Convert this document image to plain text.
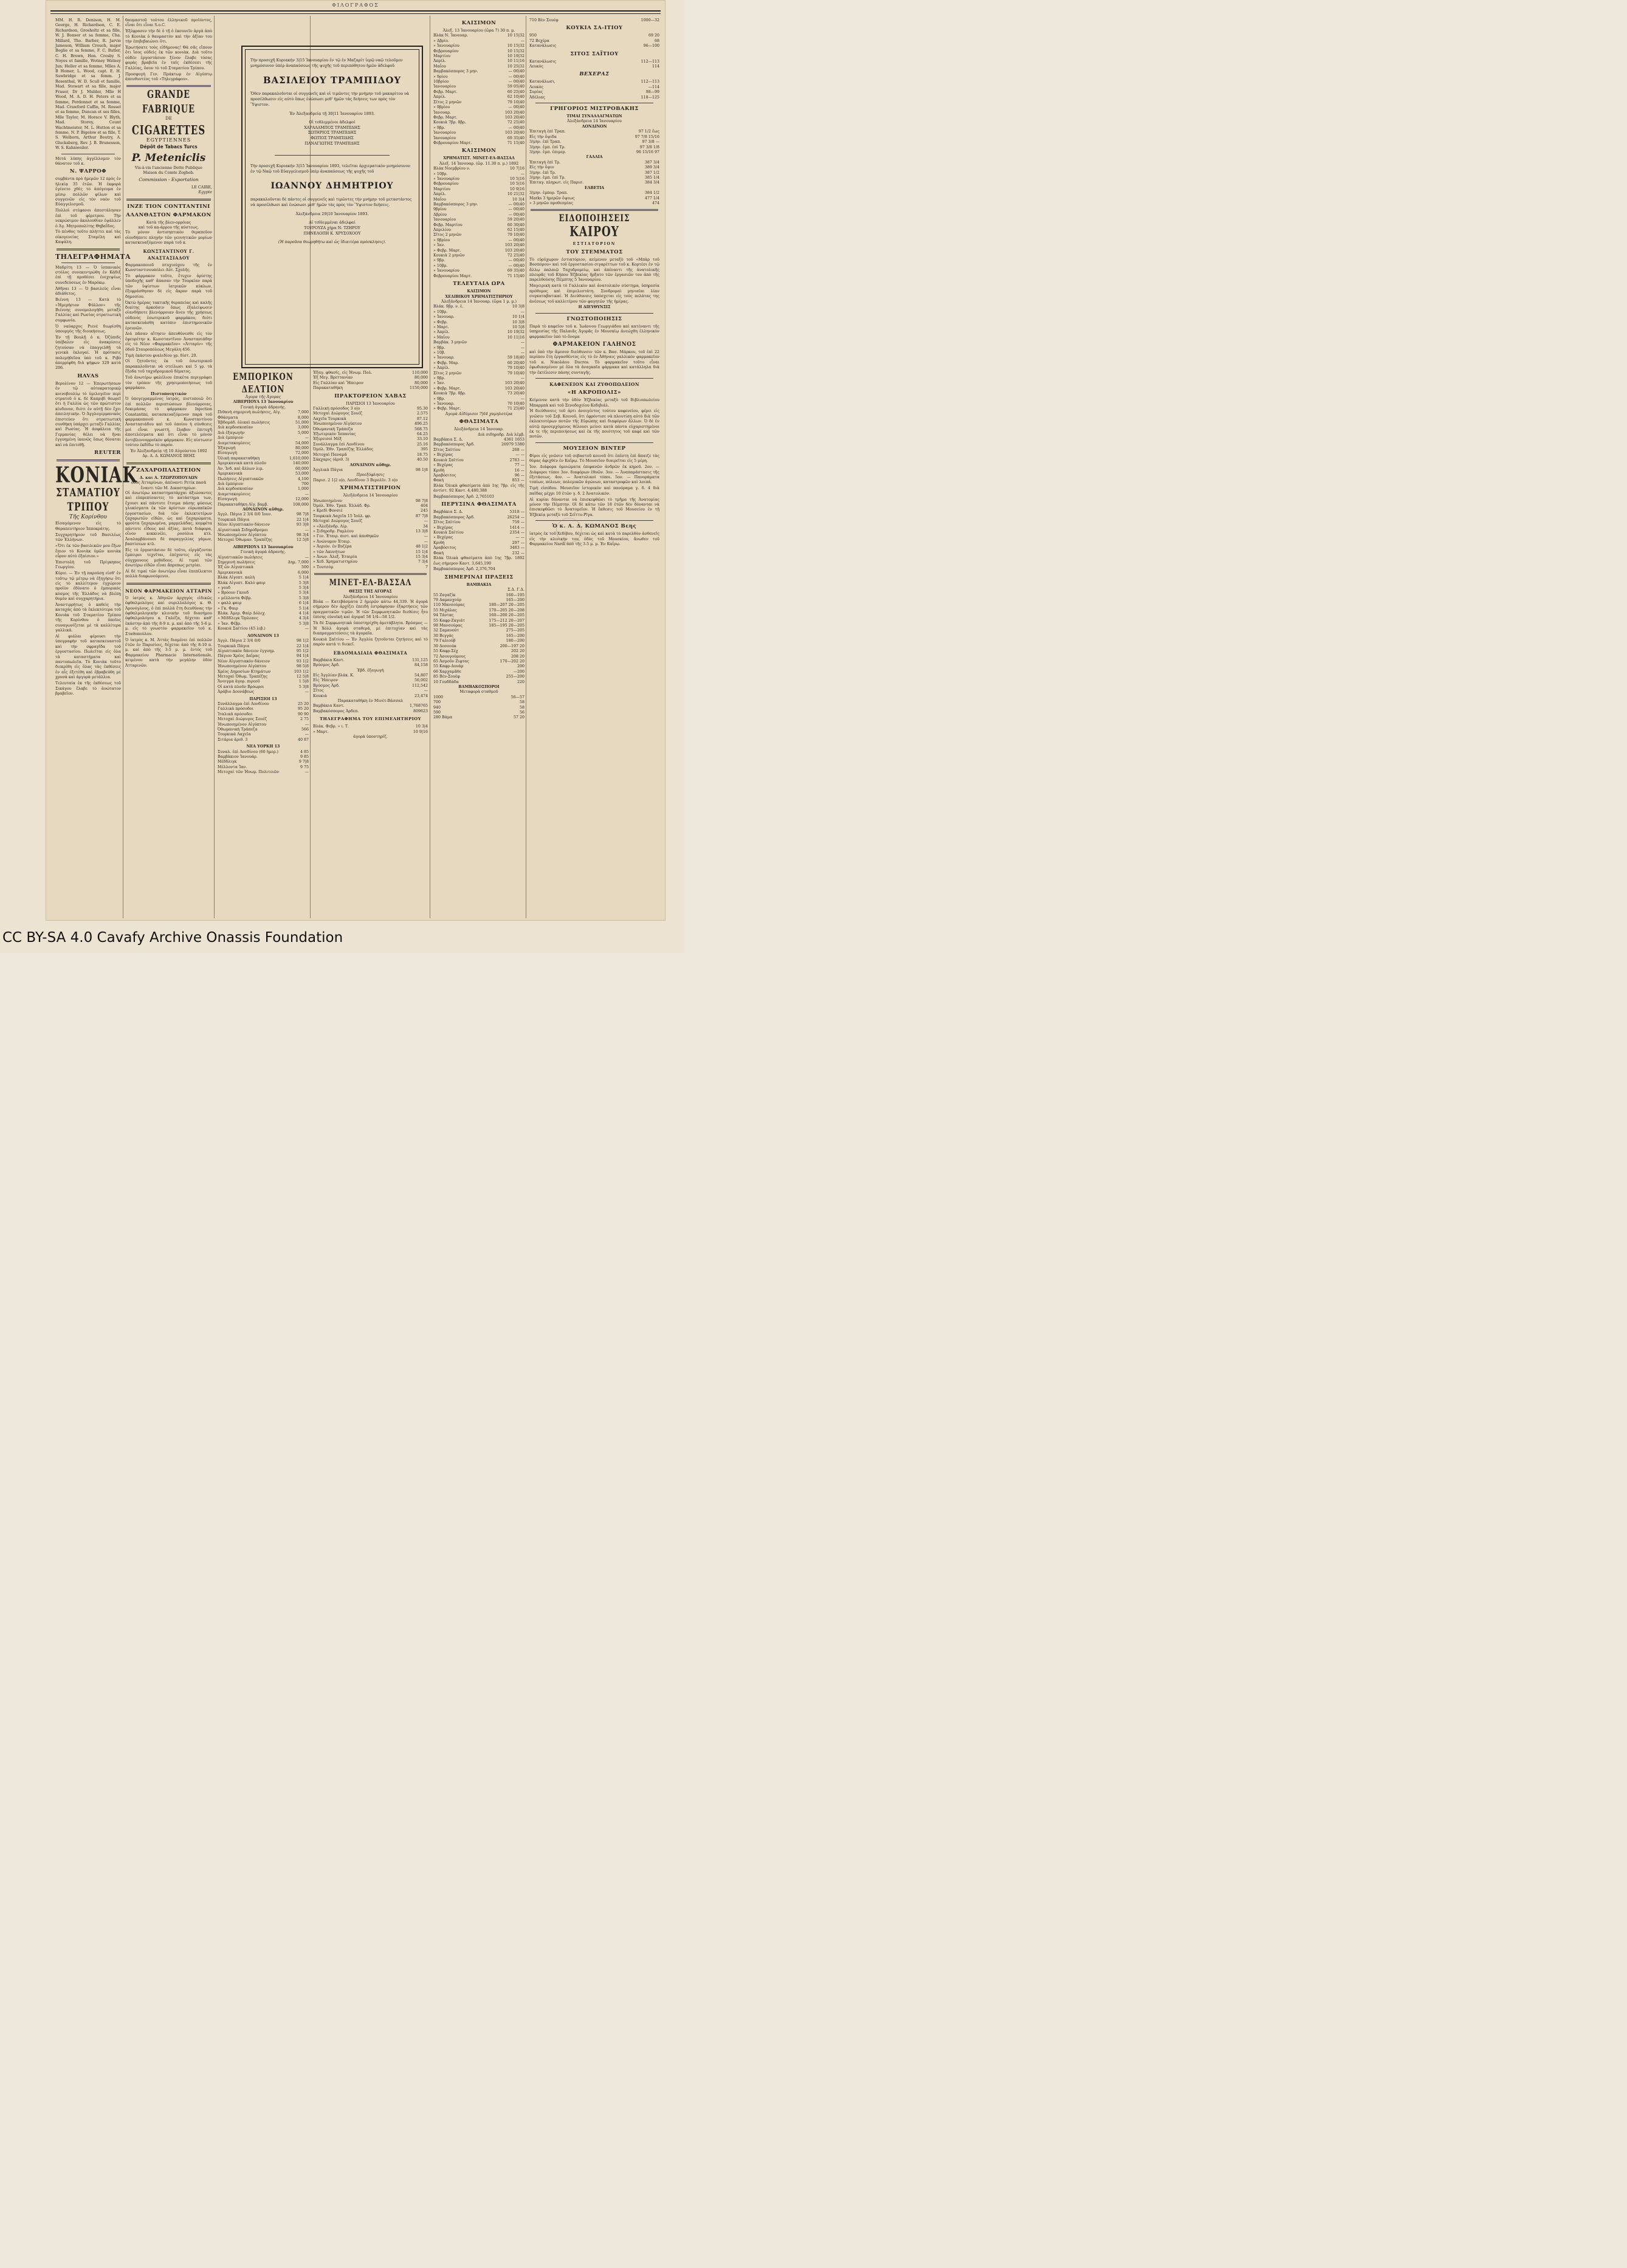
ΦΙΛΟΓΡΑΦΟΣ

MM. H. R. Denison, H. M. George, H. Richardson, C. E. Richardson, Grosholtz et sa fille, W. J. Bonsor et sa femme, Cha. Millard, Tho. Barber, R. Jarvie Jameson, William Crouch, major Boglie et sa femme, F. C. Butler, C. H. Brown, Hon. Crosby S. Noyes et famille, Wotney Watney Jun; Heller et sa femme, Mlles A. B Homer, L. Wood, capt. E. H. Sawbridge et sa femm. J. Rosenthal, W. D. Scull et famille, Mad. Stewart et sa fille, major Fraser, Dr J. Mulder, Mlle H Wood, M. A. D. H. Peters et sa femme, Perdonnet et sa femme, Mad. Crawford Caffin, M. Rosset et sa femme, Duncan et ses filles, Mlle Taylor, M. Horace V. Blyth, Mad. Storey, Count Wachtmeister, M. L. Hutton et sa femme, N. P. Bigelow et sa fille, T. S. Welborn, Arthur Boutry, A. Glucksberg, Rev. J. B. Brunesson, W. S. Kahnweiler.

Μετά λύπης ἀγγέλλομεν τὸν θάνατον τοῦ κ.

Ν. ΨΑΡΡΟΦ

συμβάντα πρὸ ἡμερῶν 12 πρὸς ἐν ἡλικίᾳ 35 ἐτῶν. Ἡ ἐκφορὰ ἐγένετο χθὲς τὸ ἀπόγευμα ἐν μέσῳ πολλῶν φίλων καὶ συγγενῶν εἰς τὸν ναὸν τοῦ Εὐαγγελισμοῦ.

Πολλοὶ στέφανοι ἀπεστάλησαν ἐπὶ τοῦ φέρετρου. Τὴν νεκρώσιμον ἀκολουθίαν ἐψάλλεν ὁ Ἁγ. Μητροπολίτης Θηβαΐδος.

Τὸ πένθος τοῦτο πλήττει καὶ τὰς οἰκογενείας Σταμέλη καὶ Καψάλη.

ΤΗΛΕΓΡΑΦΗΜΑΤΑ

Μαδρίτη 13 — Ὁ ἱσπανικὸς στόλος συνεκεντρώθη ἐν Κάδιξ ἐπὶ τῇ προθέσει ἐνεχεψέως συνεδεύσεως ἐν Μαρόκῳ.

Ἀθῆναι 13 — Ὁ βασιλεὺς εἶναι ἀδιάθετος.

Βιέννη 13 — Κατὰ τὸ «Ἡμερήσιον Φύλλον» τῆς Βιέννης συνομολογήθη μεταξὺ Γαλλίας καὶ Ρωσίας στρατιωτικὴ συμφωνία.

Ὁ ναύαρχος Ριενὲ διωρίσθη ὑπουργὸς τῆς διοικήσεως.

Ἐν τῇ Βουλῇ ὁ κ. Ὀζύπιδς ὑπέβαλεν εἰς ἀνακρίσεις ζητούσαν νὰ ἐπαγγελθῇ τὰ γενικὰ ἐκλογαί. Ἡ πρότασις πολεμήθεῖσα ὑπὸ τοῦ κ. Ριβὸ ἀπερρίφθη διὰ ψήφων 329 κατὰ 206.

HAVAS

Βερολίνον 12 — Ἐπερωτήσεων ἐν τῷ αὐτοκρατορικῷ κοινοβουλίῳ τὸ ὑμιλογεῖον περὶ στρατοῦ ὁ κ. δὲ Καπριβὶ θεωρεῖ ὅτι ἡ Γαλλία ὡς τῶν πρώτιστον κίνδυνον, διότι ἐν αὐτῇ δὲν ἔχει ἀπειλητικήν. Ὁ Ἀγγλογερμανικὸς ἐπιστεύεν ὅτι στρατιωτικὴ συνθήκη ὑπάρχει μεταξὺ Γαλλίας καὶ Ρωσίας. Ἡ ἀσφάλεια τῆς Γερμανίας θέλει νὰ ἤναι ἐγγυημένη ἱκανῶς ὅπως δύναται καὶ νὰ ἐπιτεθῇ.

REUTER
ΚΟΝΙΑΚ
ΣΤΑΜΑΤΙΟΥ ΤΡΙΠΟΥ
Τῆς Κορίνθου

Εἰσαγόμενον εἰς τὸ Θεραπευτήριον Ἰπποκράτης.

Συγχαρητήριον τοῦ Βασιλέως τῶν Ἑλλήνων.

«Ὅτι ἐκ τῶν βασιλικῶν μου ἔξων ἔπιον τὸ Κονιὰκ ὑμῶν κονιὰκ εὗρον αὐτὸ ἐξαίσιον.»

Ἐπιστολὴ τοῦ Πρίγκηπος Γεωργίου.

Κύριε. — Ἐν τῇ παρούσῃ εἰσθ' ἐν τοῦτῳ τῷ μέτρῳ νὰ ἐξηγήσω ὅτι εἰς τὸ καλλίτερον ἐγχώριον προϊὸν ἐδύνατο ὁ ἐμπορικὸς κόσμος τῆς Ἑλλάδος νὰ βλέπῃ θυμὸν καὶ συγχαρητήρια.

Ἀναντιρρήτως ὁ καθεὶς τὴν καταχάς ἀπὸ τὰ ἐκλεκτότερα τοῦ Κονιάκ τοῦ Σταματίου Τρίπου τῆς Κορίνθου ὁ ὁποῖος συναγωνίζεται μὲ τὰ καλλίτερα γαλλικά.

Αἱ φιάλαι φέρουσι τὴν ὑπογραφὴν τοῦ κατασκευαστοῦ καὶ τὴν σφραγῖδα τοῦ ἐργοστασίου. Πωλεῖται εἰς ὅλα τὰ καταστήματα καὶ παντοπωλεῖα. Τὸ Κονιὰκ τοῦτο διεκρίθη εἰς ὅλας τὰς ἐκθέσεις ἐν αἷς ἐξετέθη καὶ ἐβραβεύθη μὲ χρυσὰ καὶ ἀργυρὰ μετάλλια.

Τελευταία ἐκ τῆς ἐκθέσεως τοῦ Σικάγου ἔλαβε τὸ ἀνώτατον βραβεῖον.

θαυμαστοῦ τούτου ἑλληνικοῦ προϊόντος, εἶναι ὅτι εἶναι S.o.C.

Ἐξέφρασεν τὴν δὲ ὁ τῇ ὁ ἐκσυνεῖν ἀργὰ ἀπὸ τὸ Κονιὰκ ὁ θαυμαστὸν καὶ τὴν ἀξίαν του τὴν ἐπιβεβαιώνει ὅτι.

Ἐρωτήσατε τοὺς εἰδήμονας! Θὰ σᾶς εἴπουν ὅτι ἴσος οὐδεὶς ἐκ τῶν κονιὰκ. Διὰ τοῦτο οὐδὲν ἐργοστάσιον ξένον ἔλαβε τόσας φορὰς βραβεῖα ἐν ταῖς ἐκθέσεσι τῆς Γαλλίας, ὅσον τὸ τοῦ Σταματίου Τρίπου.

Προσφυγὴ Γεν. Πράκτωρ ἐν Αἰγύπτῳ ἀπευθυντέος τοῦ «Τηλεγράφου».

GRANDE FABRIQUE
DE
CIGARETTES
EGYPTIENNES
Dépôt de Tabacs Turcs
P. Meteniclis
Vis-à-vis l'ancienne Dette Publique
Maison du Comte Zogheb.
Commission - Exportation
LE CAIRE,
Egypte
ΙΝΖΕ ΤΙΟΝ CONTTANTINI
ΑΛΑΝΘΑΣΤΟΝ ΦΑΡΜΑΚΟΝ
Κατὰ τῆς βλεν-ορρόιας
καὶ τοῦ κα-άρρου τῆς κύστεως.

Τὸ μόνον ἀντισηπτικὸν θεραπεῦον οἰονδήποτε πληγὴν τῶν γεννητικῶν μορίων κατασκευαζόμενον παρὰ τοῦ κ.

ΚΩΝΣΤΑΝΤΙΝΟΥ Γ. ΑΝΑΣΤΑΣΙΑΔΟΥ

Φαρμακοποιοῦ πτυχιούχου τῆς ἐν Κωνσταντινουπόλει Αὐτ. Σχολῆς.

Τὸ φάρμακον τοῦτο, ἔτυχεν ἀρίστης ὑποδοχῆς καθ' ἅπασαν τὴν Τουρκίαν παρὰ τῶν ὑψίστων ἰατρικῶν κύκλων, ἐξεφράσθησαν δὲ εἰς ἄκρον παρὰ τοῦ δημοσίου.

Ὀκτὼ ἡμέρας τακτικῆς θεραπείας καὶ καλῆς διαίτης ἀρκοῦσιν ὅπως ἐξαλείψωσιν οἱανδήποτε βλενόρροιαν ἄνευ τῆς χρήσεως οὐδενὸς ἐσωτερικοῦ φαρμάκου, διότι κατασκευάσθη κατόπιν ἐπιστημονικῶν ἐρευνῶν.

Διὰ πᾶσαν αἴτησιν ἀπευθύνεσθε εἰς τὸν ἐφευρέτην κ. Κωνσταντῖνον Ἀναστασιάδην εἰς τὸ Νέον «Φαρμακεῖον» «Ἀτταρίν» τῆς ὁδοῦ Σταυροπόλεως Μεγάλη 456.

Τιμὴ ἑκάστου φιαλιδίου γρ. δίστ. 20.

Οἱ ζητοῦντες ἐκ τοῦ ἐσωτερικοῦ παρακαλοῦνται νὰ στείλωσι καὶ 5 γρ. τὰ ἔξοδα τοῦ ταχυδρομικοῦ δέματος.

Τοῦ ἀνωτέρω φαλέλιου ἐπικέτα περιγράφει τὸν τρόπον τῆς χρησιμοποιήσεως τοῦ φαρμάκου.

Πιστοποιητικόν

Ὁ ὑπογεγραμμένος ἰατρός, πιστοποιῶ ὅτι ἐπὶ πολλῶν περιπτώσεων βλενόρροιας, δοκιμάσας τὸ φάρμακον Injection Constantini, κατασκευαζόμενον παρὰ τοῦ φαρμακοποιοῦ κ. Κωνσταντίνου Ἀναστασιάδου καὶ τοῦ ὁποίου ἡ σύνθεσις μοὶ εἶναι γνωστή, ἔλαβον ἐπιτυχῆ ἀποτελέσματα καὶ ὅτι εἶναι τὸ μόνον ἀντιβλεννορροϊκὸν φάρμακον. Εἰς πίστωσιν τούτου ἐκδίδω τὸ παρόν.

Ἐν Ἀλεξανδρείᾳ τῇ 10 Αὐγούστου 1892
Δρ. Α. Δ. ΚΩΜΑΝΟΣ ΒΕΗΣ
ΖΑΧΑΡΟΠΛΑΣΤΕΙΟΝ
Δ. και Α. ΤΖΩΡΖΟΠΟΥΛΩΝ
ὁδὸς Ἀτταρίνων, ἀπέναντι Ρετίκ πασᾶ ἔναντι τῶν Μ. Δικαστηρίων.

Οἱ ἀνωτέρω καταστηματάρχαι ἀξιώσαντες καὶ εὐπρεπίσαντες τὸ κατάστημα των, ἔχουσι καὶ πάντοτε ἕτοιμα πάσης φύσεως γλυκίσματα ἐκ τῶν ἀρίστων εὐρωπαϊκῶν ἐργοστασίων, διὰ τῶν ἐκλεκτοτέρων ζαχαρωτῶν εἰδῶν, ὡς καὶ ζαχαρώματα, φρούτα ζαχαρωμένα, μαρμελάδας, κομφέτα πάντοτε εἴδους καὶ ἀξίας, ποτὰ διάφορα, οἶνον κοκκινέλι, ροσόλια κτλ. Ἀναλαμβάνουσι δὲ παραγγελίας γάμων, βαπτίσεων κτλ.

Εἰς τὸ ἐργοστάσιον δὲ τοῦτο, εἰργάζονται ἔμπειροι τεχνῖται, ἐπέχοντες εἰς τὰς σύγχρονους μεθόδους. Αἱ τιμαὶ τῶν ἀνωτέρω εἰδῶν εἶναι ἄπρεπως μετρίαι.

Αἱ δὲ τιμαὶ τῶν ἀνωτέρω εἶναι ἐπεπίλεκτοι πολλὰ διαφωνούμενοι.

ΝΕΟΝ ΦΑΡΜΑΚΕΙΟΝ ΑΤΤΑΡΙΝ

Ὁ ἰατρὸς κ. Ἀθηνῶν ἀρχηγὸς εἰδικῶς ὀφθαλμολόγος καὶ συριλλολόγος κ. Θ. Ἀρονόγλους, ὁ ἐπὶ πολλὰ ἔτη διευθύνας τὴν ὀφθαλμολογικὴν κλινικὴν τοῦ διασήμου ὀφθαλμολόγου κ. Γαλέζα, δέχεται καθ' ἑκάστην ἀπὸ τῆς 8-9 π. μ. καὶ ἀπὸ τῆς 5-6 μ. μ. εἰς τὸ γνωστὸν φαρμακεῖον τοῦ κ. Σταθοπούλου.

Ὁ ἰατρὸς κ. Μ. Ἀττάς διαμένει ἐπὶ πολλῶν ἐτῶν ἐν Παρισίοις, δέχεται ἀπὸ τῆς 8-10 π. μ. καὶ ἀπὸ τῆς 3-5 μ. μ. ἐντὸς τοῦ Φαρμακείου Pharmacie Internationale, κειμένου κατὰ τὴν μεγάλην ὁδὸν Ἀτταρινῶν.

Τὴν προσεχῆ Κυριακὴν 3|15 Ἰανουαρίου ἐν τῷ ἐν Μαζαρίτ ἱερῷ ναῷ τελοῦμεν μνημόσυνον ὑπὲρ ἀναπαύσεως τῆς ψυχῆς τοῦ περιπόθητου ἡμῶν ἀδελφοῦ

ΒΑΣΙΛΕΙΟΥ ΤΡΑΜΠΙΔΟΥ

Ὅθεν παρακαλοῦνται οἱ συγγενεῖς καὶ οἱ τιμῶντες τὴν μνήμην τοῦ μακαρίτου νὰ προσέλθωσιν εἰς αὐτὸ ὅπως ἑνώσωσι μεθ' ἡμῶν τὰς δεήσεις των πρὸς τὸν Ὕψιστον.

Ἐν Ἀλεξανδρείᾳ τῇ 30|11 Ἰανουαρίου 1893.
Οἱ τεθλιμμένοι ἀδελφοί
ΧΑΡΑΛΑΜΠΟΣ ΤΡΑΜΠΙΔΗΣ
ΣΩΤΗΡΙΟΣ ΤΡΑΜΠΙΔΗΣ
ΦΩΤΙΟΣ ΤΡΑΜΠΙΔΗΣ
ΠΑΝΑΓΙΩΤΗΣ ΤΡΑΜΠΙΔΗΣ

Τὴν προσεχῆ Κυριακὴν 3|15 Ἰανουαρίου 1893, τελεῖται ἀρχιερατικὸν μνημόσυνον ἐν τῷ Ναῷ τοῦ Εὐαγγελισμοῦ ὑπὲρ ἀναπαύσεως τῆς ψυχῆς τοῦ

ΙΩΑΝΝΟΥ ΔΗΜΗΤΡΙΟΥ

παρακαλοῦνται δὲ πάντες οἱ συγγενεῖς καὶ τιμῶντες τὴν μνήμην τοῦ μεταστάντος νὰ προσέλθωσι καὶ ἑνώσωσι μεθ' ἡμῶν τὰς πρὸς τὸν Ὕψιστον δεήσεις.

Ἀλεξάνδρεια 29|10 Ἰανουαρίου 1893.
Αἱ τεθλιμμέναι ἀδελφαί
ΤΟΥΡΟΥΖΑ χήρα Ν. ΤΖΗΡΟΥ
ΠΗΝΕΛΟΠΗ Κ. ΧΡΥΣΟΧΟΟΥ
(Ἡ παροῦσα θεωρηθήτω καὶ ὡς ἰδιαιτέρα πρόσκλησις).
ΕΜΠΟΡΙΚΟΝ ΔΕΛΤΙΟΝ
Ἀγορα τῆς Ἀγορας
ΛΙΒΕΡΠΟΥΛ 13 Ἰανουαρίου
Γενικὴ ἀγορὰ ἀδρανής.
Πιθανὴ σημερινὴ πωλήσεις, Αἰγ.	7,000
Φθάσματα	8,000
Ἑβδομάδ. ὁλικαὶ πωλήσεις	51,000
Διὰ κερδοσκοπίαν	3,000
Διὰ ἐξαγωγήν	5,000
Διὰ ἐμπόριον	—
Διαμετακομίσεις	54,000
Ἐξαγωγὴ	80,000
Εἰσαγωγὴ	72,000
Ὁλικὴ παρακαταθήκη	1,610,000
Ἀμερικανικὰ κατὰ πλοῦν	140,000
Ἀν. Ἰνδ. καὶ ἄλλων λιμ.	60,000
Ἀμερικανικὰ	53,000
Πωλήσεις Αἰγυπτιακῶν	4,100
Διὰ ἐμπόριον	700
Διὰ κερδοσκοπίαν	1,000
Διαμετακομίσεις	—
Εἰσαγωγὴ	12,000
Παρακαταθήκη Αἰγ. βαμβ.	108,000
ΛΟΝΔΙΝΟΝ αὔθημ.
Ἀγγλ. Πάγια 2 3/4 0/0 Ἰουν.	98 7|8
Τουρκικὰ Πάγια	22 1|4
Νέον Αἰγυπτιακὸν δάνειον	93 3|8
Αἰγυπτιακὰ Σιδηρόδρομοι	—
Ἡνωποιημένον Αἰγύπτου	98 3|4
Μετοχαὶ Ὀθωμαν. Τραπέζης	12 5|8
ΛΙΒΕΡΠΟΥΛ 13 Ἰανουαρίου
Γενικὴ ἀγορὰ ἀδρανής.
Αἰγυπτιακῶν πωλήσεις	—
Σημερινὴ πωλήσεις	Δημ. 7,000
Ἐξ ὧν Αἰγυπτιακὰ	500
Ἀμερικανικὰ	6,000
Βλάκ Αἰγυπτ. καλὴ	5 1|4
Βλάκ Αἰγυπτ. Καλὸ φαιρ	5 3|8
» γουδ	5 3|4
» Βρόουν Γκουδ	5 3|4
» μέλλοντα Φέβρ.	5 3|8
» φαλλ φαιρ	6 1|4
» Γκ. Φαιρ	5 1|4
Βλάκ. Ἀμερ. Φαίρ Δόλεχ.	4 1|4
» Μίδδλιγκ Ὄρλεανς	4 3|4
» Ἰαν. Φέβρ.	5 3|8
Κουκιὰ Σαϊτίου (45 λιβ.)	—
ΛΟΝΔΙΝΟΝ 13
Ἀγγλ. Πάγια 2 3/4 0/0	98 1|2
Τουρκικὰ Πάγια	22 1|4
Αἰγυπτιακὸν δάνειον ἐγγυημ.	95 1|2
Πάγιον Χρέος Δαΐρας	94 1|4
Νέον Αἰγυπτιακὸν δάνειον	93 1|2
Ἡνωποιημένον Αἰγύπτου	98 5|8
Χρέος Δημοσίων Κτημάτων	103 1|2
Μετοχαὶ Ὀθωμ. Τραπέζης	12 5|8
Ἄνοιγμα ἀγορ. πιρεοῦ	1 5|8
Οἱ κατὰ πλοῦν Βρόωροι	5 3|8
Ἀράβιο Δουνάβεως	—
ΠΑΡΙΣΙΟΙ 13
Συνάλλαγμα ἐπὶ Λονδίνου	25 20
Γαλλικὰ πρόσοδοι	95 20
Ἰταλικὰ πρόσοδοι	90 90
Μετοχαὶ Διώρυγος Σουέζ	2 75
Ἡνωποιημένον Αἰγύπτου	—
Ὀθωμανικὴ Τράπεζα	566
Τουρκικὰ Λαχεῖα	—
Σιτάρια ἀριθ. 3	40 87
ΝΕΑ ΥΟΡΚΗ 13
Συναλ. ἐπὶ Λονδίνου (60 ἡμερ.)	4 85
Βαμβάκιον Ἰανουάρ.	9 85
Μέδδλιγκ	9 7|8
Μέλλοντα Ἰαν.	9 75
Μετοχαὶ τῶν Ἡνωμ. Πολιτειῶν	—
Ἐξαγ. φθασῖς, εἰς Ἡνωμ. Πολ.	110,000
Ἐξ Μεγ. Βρεττανίαν	80,000
Εἰς Γαλλίαν καὶ Ἤπειρον	80,000
Παρακαταθήκη	1150,000
ΠΡΑΚΤΟΡΕΙΟΝ ΧΑΒΑΣ
ΠΑΡΙΣΙΟΙ 13 Ἰανουαρίου
Γαλλικὴ πρόσοδος 3 ο|ο	95.30
Μετοχαὶ Διώρυγος Σουέζ	2.575
Λαχεῖα Τουρκικὰ	87.12
Ἡνωποιημένον Αἰγύπτου	496.25
Ὀθωμανικὴ Τράπεζα	568.75
Ἐξωτερικὸν Ἰσπανίας	64.25
Ἑξερεισοὶ Μέξ	33.10
Συνάλλαγμα ἐπὶ Λονδίνου	25.16
Ὁμόλ. Ἐθν. Τραπέζης Ἑλλάδος	395
Μετοχαὶ Παναμᾶ	18.75
Σάκχαρις (ἀριθ. 3)	40.50
ΛΟΝΔΙΝΟΝ αὔθημ.
Ἀγγλικὰ Πάγια	98 1|8
Προεξόφλησις
Παρισ. 2 1|2 ο|ο, Λονδῖνον 3 Βερολῖν. 3 ο|ο
ΧΡΗΜΑΤΙΣΤΗΡΙΟΝ
Ἀλεξάνδρεια 14 Ἰανουαρίου
Ἡνωποιημένον	98 7|8
Ὁμόλ. Ἐθν. Τραπ. Ἑλλάδ. Φρ.	404
» Κρεδὶ Φονσιὲ	245
Τουρκικὰ Λαχεῖα 15 Ἰούλ. φρ.	87 7|8
Μετοχαὶ Διώρυγος Σουέζ	—
» «Ἀλεξάνδρ. Λίρ.	34
» Σιδηροδρ. Ραμλέου	13 3|8
» Γεν. Ἑταιρ. πιστ. καὶ ἀποθηκῶν	—
» Ἀνώνυμον Ἐταιρ.	—
» Ἀεριόν. ἐν Βυζέρα	48 1|2
» τῶν Ἀκυνήτων	15 1|4
» Ἀνων. Ἀλεξ. Ἐταιρία	15 3|4
» Χεδ. Χρηματιστηρίου	7 3|4
» Τουτσόμ	7
ΜΙΝΕΤ-ΕΛ-ΒΑΣΣΑΛ
ΘΕΣΙΣ ΤΗΣ ΑΓΟΡΑΣ
Ἀλεξάνδρεια 14 Ἰανουαρίου

Βλάκ — Κατεβάσματα 2 ἡμερῶν κάτω 44,339. Ἡ ἀγορὰ σήμερον δὲν ἀρχίζει ἐπειδὴ ἐστράφησαν ἐξαρτήσεις τῶν πραγματικῶν τιμῶν. Ἡ τῶν Συμφωνητικῶν διεθέσις ἦτο ἐπίσης εὐνοϊκὴ καὶ ἀγοραῖ 58 1/4—58 1/2.

Τὰ δὲ Συμφωνητικὰ ὑπεστηρίχθη ἀμετάβλητα. Βρύσμος — Ἡ Χόλλ ἀγορὰ σταθερά, μὲ ἐπιτυχίαν καὶ τὰς διαπραγματεύσεις τὰ ἀγοραῖα.

Κουκιὰ Σαϊτίου — Ἐν Ἀγγλία ζητοῦνται ζητήσεις καὶ τὸ παρὸν κατά τι διεκεῖ.

ΕΒΔΟΜΑΔΙΑΙΑ ΦΘΑΣΙΜΑΤΑ
Βαμβάκια Καντ.	131,125
Βρύσμος Ἀρδ.	84,158
Ἑβδ. ἐξαγωγὴ
Εἰς Ἀγγλίαν βλάκ. Κ.	54,807
Εἰς Ἤπειρον	56,002
Βρύσμος Ἀρδ.	112,542
Σῖτος	—
Κουκιὰ	23,474
Παρακαταθήκη ἐν Μινὲτ-Βάσσαλ
Βαμβάκια Καντ.	1,768765
Βαμβακόσπορος Ἀρδεπ.	809623
ΤΗΛΕΓΡΑΦΗΜΑ ΤΟΥ ΕΠΙΜΕΛΗΤΗΡΙΟΥ
Βλάκ. Φεβρ. » ι. Τ.	10 3|4
» Μαρτ.	10 9|16
ἀγορὰ ὑποστηρίζ.
ΚΑΙΣΙΜΟΝ
Ἀλεξ. 13 Ἰανουαρίου (ὥρα 7) 30 π. μ.
Βλάκ Ν. Ἰανουαρ.	10 15|32
» Δβρίο.	—
» Ἰανουαρίου	10 15|32
Φεβρουαρίου	10 15|32
Μαρτίου	10 19|32
Ἀπρίλ.	10 11|16
Μαΐου	10 25|32
Βαμβακόσπορος 3 μην.	— 00|40
» 9ρίου	— 00|40
10βρίου	— 00|40
Ἰανουαρίου	59 05|40
Φεβρ. Μαρτ.	60 25|40
Ἀπρίλ.	62 10|40
Σῖτος 2 μηνῶν	79 10|40
» 9βρίου	— 00|40
Ἰανουαρ.	103 20|40
Φεβρ. Μαρτ.	103 20|40
Κουκιὰ 7βρ. 8βρ.	72 25|40
» 9βρ.	— 00|40
Ἰανουαρίου	103 20|40
Ἰανουαρίου	69 35|40
Φεβρουαρίου Μαρτ.	71 15|40
ΚΑΙΣΙΜΟΝ
ΧΡΗΜΑΤΙΣΤ. ΜΙΝΕΤ-ΕΛ-ΒΑΣΣΑΛ
Ἀλεξ. 14 Ἰανουαρ. (ὥρ. 11.30 π. μ.) 1892
Βλάκ Νοεμβρίου ν.	10 7|16
» 10βρ.	—
» Ἰανουαρίου	10 5|16
Φεβρουαρίου	10 5|16
Μαρτίου	10 9|16
Ἀπρίλ.	10 21|32
Μαΐου	10 3|4
Βαμβακόσπορος 3 μην.	— 00|40
9βρίου	— 00|40
Δβρίου	— 00|40
Ἰανουαρίου	59 20|40
Φεβρ. Μαρτίου	60 30|40
Ἀπριλίου	62 15|40
Σῖτος 2 μηνῶν	79 10|40
» 9βρίου	— 00|40
» Ἰαν.	103 20|40
» Φεβρ. Μαρτ.	103 20|40
Κουκιὰ 2 μηνῶν	72 25|40
» 9βρ.	— 00|40
» 10βρ.	— 00|40
» Ἰανουαρίου	69 35|40
Φεβρουαρίου Μαρτ.	71 15|40
ΤΕΛΕΥΤΑΙΑ ΩΡΑ
ΚΑΙΣΙΜΟΝ
ΧΕΔΙΒΙΚΟΥ ΧΡΗΜΑΤΙΣΤΗΡΙΟΥ
Ἀλεξάνδρεια 14 Ἰανουαρ. (ὥρα 1 μ. μ.)
Βλάκ. 9βρ. ν. ἐ.	10 3|8
» 10βρ.	—
» Ἰανουαρ.	10 1|4
» Φεβρ.	10 3|8
» Μαρτ.	10 5|8
» Ἀπρίλ.	10 19|32
» Μαΐου	10 11|16
Βαμβάκ. 3 μηνῶν	—
» 9βρ.	—
» 10β.	—
» Ἰανουαρ.	59 18|40
» Φεβρ. Μαρ.	60 20|40
» Ἀπρίλ.	79 10|40
Σῖτος 2 μηνῶν	79 10|40
» 9βρ.	—
» Ἰαν.	103 20|40
» Φεβρ. Μαρτ.	103 20|40
Κουκιὰ 7βρ. 8βρ.	73 20|40
» 9βρ.	—
» Ἰανουαρ.	70 10|40
» Φεβρ. Μαρτ.	71 25|40
Ἀγορὰ Αἰδύμισοι 7|64 χαμηλοτέρα
ΦΘΑΣΙΜΑΤΑ
Ἀλεξάνδρεια 14 Ἰανουαρ.
Διὰ σιδηροδρ. Διὰ λέμβ.
Βαμβάκια Σ. Δ.	4361 1653
Βαμβακόσπορος Ἀρδ.	26979 5380
Σῖτος Σαϊτίου	268 —
» Βεχέρας	— —
Κουκιὰ Σαϊτίου	2783 —
» Βεχέρας	77 —
Κριθὴ	16 —
Ἀραβόσιτος	96 —
Φακὴ	853 —

Βλάκ Ὁλικὰ φθασίματα ἀπὸ 1ης 7βρ. εἰς τῆς ἀντίστ. 92 Καντ. 4,480,388

Βαμβακόσπορος Ἀρδ. 2,765103

ΠΕΡΥΣΙΝΑ ΦΘΑΣΙΜΑΤΑ
Βαμβάκια Σ. Δ.	5318 —
Βαμβακόσπορος Ἀρδ.	26254 —
Σῖτος Σαϊτίου	759 —
» Βεχέρας	1414 —
Κουκιὰ Σαϊτίου	2354 —
» Βεχέρας	— —
Κριθὴ	297 —
Ἀραβόσιτος	3483 —
Φακὴ	232 —

Βλάκ Ὁλικὰ φθασίματα ἀπὸ 1ης 7βρ. 1892 ἕως σήμερον Καντ. 3,645,190

Βαμβακόσπορος Ἀρδ. 2,376,704

ΣΗΜΕΡΙΝΑΙ ΠΡΑΞΕΙΣ
ΒΑΜΒΑΚΙΑ
Σ.Δ. Γ.Δ.
55 Ζαγαζίκ	160—195
79 Δαμανχούρ	165—200
110 Μανσούρας	180—207 20—205
55 Μιχάλας	170—205 20—208
94 Τάντας	160—200 20—205
55 Καφρ-Ζαγιάτ	175—212 20—207
98 Μανσούρας	185—195 20—205
32 Σαμανούτ	275—205
30 Βεγγάς	165—200
79 Γαλιούβ	180—200
30 Δεσσούκ	200—197 20
55 Καφρ-Σέχ	202 20
72 Ἀσουγούμους	208 20
65 Ἀσμοῦν Ζιφτας	170—202 20
55 Καφρ-Δουὰρ	200
66 Χαρχαμᾶθε	—200
85 Βὲν-Σουέφ	255—200
10 Γουδδάδα	220
ΒΑΜΒΑΚΟΣΠΟΡΟΙ
Μεταφορὰ σταθμοῦ
1000	56—57
700	58
940	58
590	56
280 Βάμα	57 20
710 Βὲν Σουὲφ	1000—32
ΚΟΥΚΙΑ ΣΑ-ΙΤΙΟΥ
950	69 20
72 Βεχέρα	68
Κατανάλωσις	96—100
ΣΙΤΟΣ ΣΑΪΤΙΟΥ
Κατανάλωσις	112—113
Λευκὸς	114
ΒΕΧΕΡΑΣ
Κατανάλωσι,	112—113
Λευκὸς	—114
Συρίας	98—99
Ἀδέλιας	118—125
ΓΡΗΓΟΡΙΟΣ ΜΙΣΤΡΟΒΑΚΗΣ
ΤΙΜΑΙ ΣΥΝΑΛΛΑΓΜΑΤΩΝ
Ἀλεξάνδρεια 14 Ἰανουαρίου
ΛΟΝΔΙΝΟΝ
Ἐπιταγὴ ἐπὶ Τραπ.	97 1/2 ἕως
Εἰς τὴν ὄψιδα	97 7/8 15/16
3/μην. ἐπὶ Τραπ.	97 3/8 —
3/μην. ἐμπ. ἐπὶ Τρ.	97 3/8 1/8
3/μην. ἐμπ. ἐπιμερ.	96 15/16 97
ΓΑΛΛΙΑ
Ἐπιταγὴ ἐπὶ Τρ.	387 3/4
Εἰς τὴν ὄψιν	389 3/4
3/μην. ἐπὶ Τρ.	387 1/2
3/μην. ἐμπ. ἐπὶ Τρ.	385 1/4
Ἐπιταγ. πληρωτ. εἰς Παρισ.	384 3/4
ΕΛΒΕΤΙΑ
3/μην. ἐμπορ. Τραπ.	384 1/2
Marks 3 ἡμερῶν ὄψεως	477 1/4
» 3 μηνῶν προθεσμίας	474
ΕΙΔΟΠΟΙΗΣΕΙΣ
ΚΑΙΡΟΥ
ΕΣΤΙΑΤΟΡΙΟΝ
ΤΟΥ ΣΤΕΜΜΑΤΟΣ

Τὸ εὐρύχωρον ἑστιατόριον, κείμενον μεταξὺ τοῦ «Μπὰρ τοῦ Βοσπόρου» καὶ τοῦ ἐργοστασίου σιγαρέττων τοῦ κ. Κορτέσι ἐν τῷ ἄλλῳ παλαιῷ Ταχυδρομείῳ, καὶ ἀπέναντι τῆς ἀνατολικῆς πλευρᾶς τοῦ Κήπου Ἐζβεκίας ἤρξατο τῶν ἐργασιῶν του ἀπὸ τῆς παρελθούσης Πέμπτης 5 Ἰανουαρίου.

Μαγειρικὴ κατὰ τὸ Γαλλικὸν καὶ ἀνατολικὸν σύστημα, ὑπηρεσία πρόθυμος καὶ ἐπιμελεστάτη. Συνδρομαὶ μηνιαῖαι λίαν συγκαταβατικαί. Ἡ Διεύθυνσις ὑπόσχεται εἰς τοὺς πελάτας της ἀνέσεως τοῦ καλλιτέρου τῶν φαγητῶν τῆς ἡμέρας.

Η ΔΙΕΥΘΥΝΣΙΣ
ΓΝΩΣΤΟΠΟΙΗΣΙΣ

Παρὰ τὸ καφεῖον τοῦ κ. Ἰωάννου Γεωργιάδου καὶ κατέναντι τῆς ὑπηρεσίας τῆς Παλαιᾶς Ἀγορᾶς ἐν Μουσκὶῳ ἀνεώχθη ἑλληνικὸν φαρμακεῖον ὑπὸ τὸ ὄνομα

ΦΑΡΜΑΚΕΙΟΝ ΓΑΛΗΝΟΣ

καὶ ὑπὸ τὴν ἄμεσον διεύθυνσιν τῶν κ. Βασ. Μάρκου, τοῦ ἐπὶ 22 περίπου ἔτη ἐργασθέντος εἰς τὸ ἐν Ἀθήναις γαλλικὸν φαρμακεῖον τοῦ κ. Νικολάου Ducros. Τὸ φαρμακεῖον τοῦτο εἶναι ἐφωδιασμένον μὲ ὅλα τὰ ἀναγκαῖα φάρμακα καὶ κατάλληλα διὰ τὴν ἐκτέλεσιν πάσης συνταγῆς.

ΚΑΦΕΝΕΙΟΝ ΚΑΙ ΖΥΘΟΠΩΛΕΙΟΝ
«Η ΑΚΡΟΠΟΛΙΣ»

Κείμενον κατὰ τὴν ὁδὸν Ἐζβεκίας μεταξὺ τοῦ Βιβλιοπωλείου Μπαρμπὰ καὶ τοῦ Ξενοδοχείου Κεδιβιάλ.

Ἡ διεύθυνσις τοῦ ἀρτι ἀνοιγέντος τούτου καφενείου, φέρει εἰς γνῶσιν τοῦ Σεβ. Κοινοῦ, ὅτι ἐφρόντισε νὰ πλουτίσῃ αὐτὸ διὰ τῶν ἐκλεκτοτέρων ποτῶν τῆς Εὐρώπης καὶ διαφόρων ἄλλων. Ὁ δὲ ἐν αὐτῷ προσερχόμενος θέλουσι μείνει κατὰ πάντα εὐχαριστημένοι ἐκ τε τῆς περιποιήσεως καὶ ἐκ τῆς ποιότητος τοῦ καφὲ καὶ τῶν ποτῶν.

ΜΟΥΣΕΙΟΝ ΒΙΝΤΕΡ

Φίροι εἰς γνῶσιν τοῦ σεβαστοῦ κοινοῦ ὅτι ἐπέστη ἐπὶ ἄπαιζε τὰς θύρας ἀφιχθὲν ἐν Καΐρῳ. Τὸ Μουσεῖον διαιρεῖται εἰς 5 μέρη.

Ἰον. Διάφορα ὁμοιώματα ἐπιφανῶν ἀνδρῶν ἐκ κηροῦ. 2ον. — Διάφοροι τύποι 3ον. διαφόρων ἐθνῶν. 3ον. — Ἀναπαράστασις τῆς ἐξετάσεως. 4ον. — Ἀνατολικοὶ τόποι. 5ον. — Πανοράματα τοπίων, πόλεων, πολεμικῶν ἀγώνων, καταστροφῶν καὶ λοιπά.

Τιμὴ εἰσόδου. Μουσεῖον ἱστορικὸν καὶ πανόραμα γ. δ. 4 διὰ παῖδας μέχρι 10 ἐτῶν γ. δ. 2 Ἀνατολικόν.

Αἱ κυρίαι δύνανται νὰ ἐπισκεφθῶσι τὸ τμῆμα τῆς Ἀνατομίας μόνον τὴν Πέμπτην. Οἱ δὲ κάτω τῶν 18 ἐτῶν δὲν δύνανται νὰ ἐπισκεφθῶσι τὸ Ἀνατομεῖον. Ἡ ἔκθεσις τοῦ Μουσείου ἐν τῇ Ἐζβεκίᾳ μεταξὺ τοῦ Σεΐττυ-Ρῖγα.

Ὁ κ. Α. Δ. ΚΩΜΑΝΟΣ Βεης

ἰατρὸς ἐκ τοῦ Χεδίβου, δέχεται ὡς καὶ κατὰ τὸ παρελθὸν ἀσθενεῖς εἰς τὴν κλινικὴν του, ὁδὸς τοῦ Μουσκίου, ἄνωθεν τοῦ Φαρμακείου Nardi ἀπὸ τῆς 3-5 μ. μ. Ἐν Καΐρῳ.

CC BY-SA 4.0 Cavafy Archive Onassis Foundation
